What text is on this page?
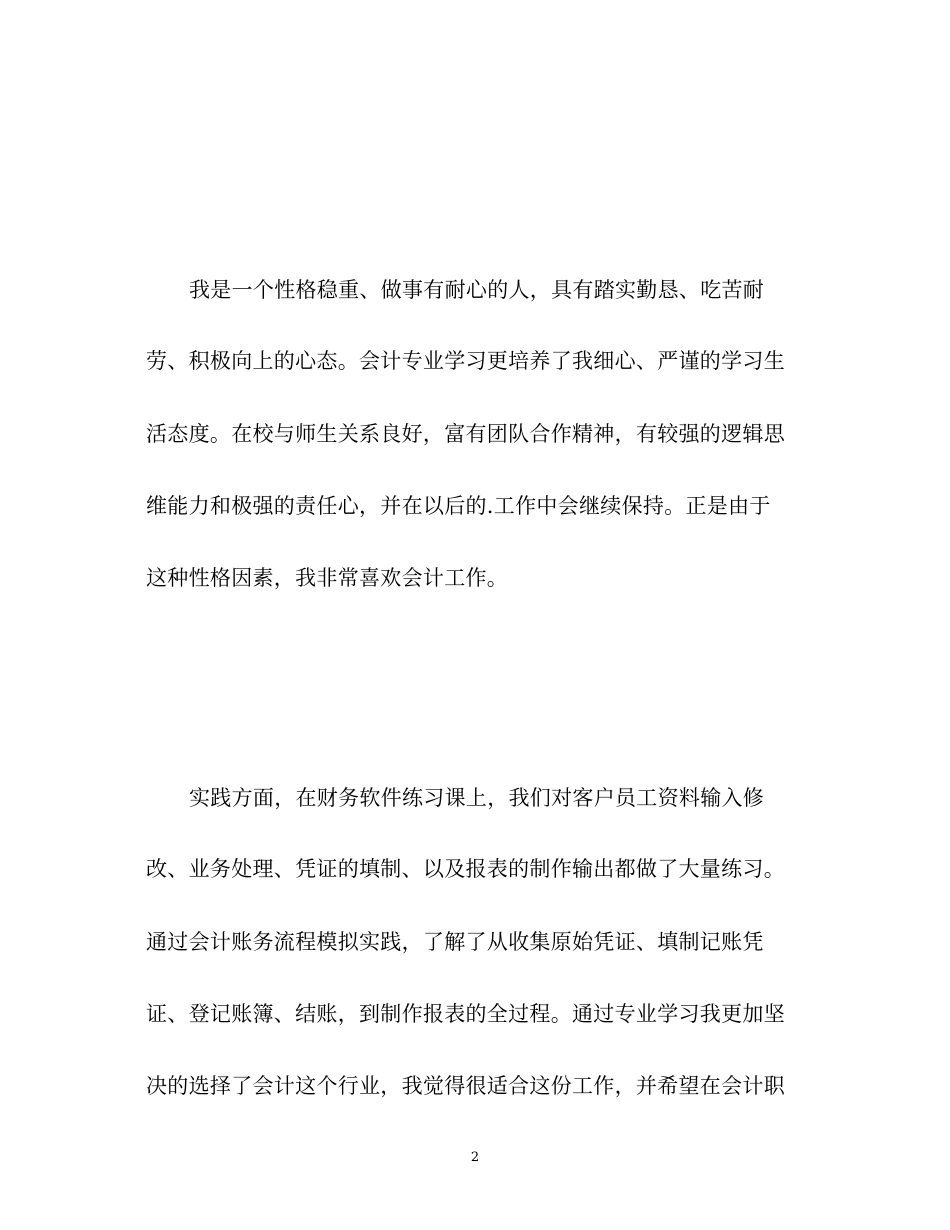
我是一个性格稳重、做事有耐心的人，具有踏实勤恳、吃苦耐
劳、积极向上的心态。会计专业学习更培养了我细心、严谨的学习生
活态度。在校与师生关系良好，富有团队合作精神，有较强的逻辑思
维能力和极强的责任心，并在以后的.工作中会继续保持。正是由于
这种性格因素，我非常喜欢会计工作。
实践方面，在财务软件练习课上，我们对客户员工资料输入修
改、业务处理、凭证的填制、以及报表的制作输出都做了大量练习。
通过会计账务流程模拟实践，了解了从收集原始凭证、填制记账凭
证、登记账簿、结账，到制作报表的全过程。通过专业学习我更加坚
决的选择了会计这个行业，我觉得很适合这份工作，并希望在会计职
2
